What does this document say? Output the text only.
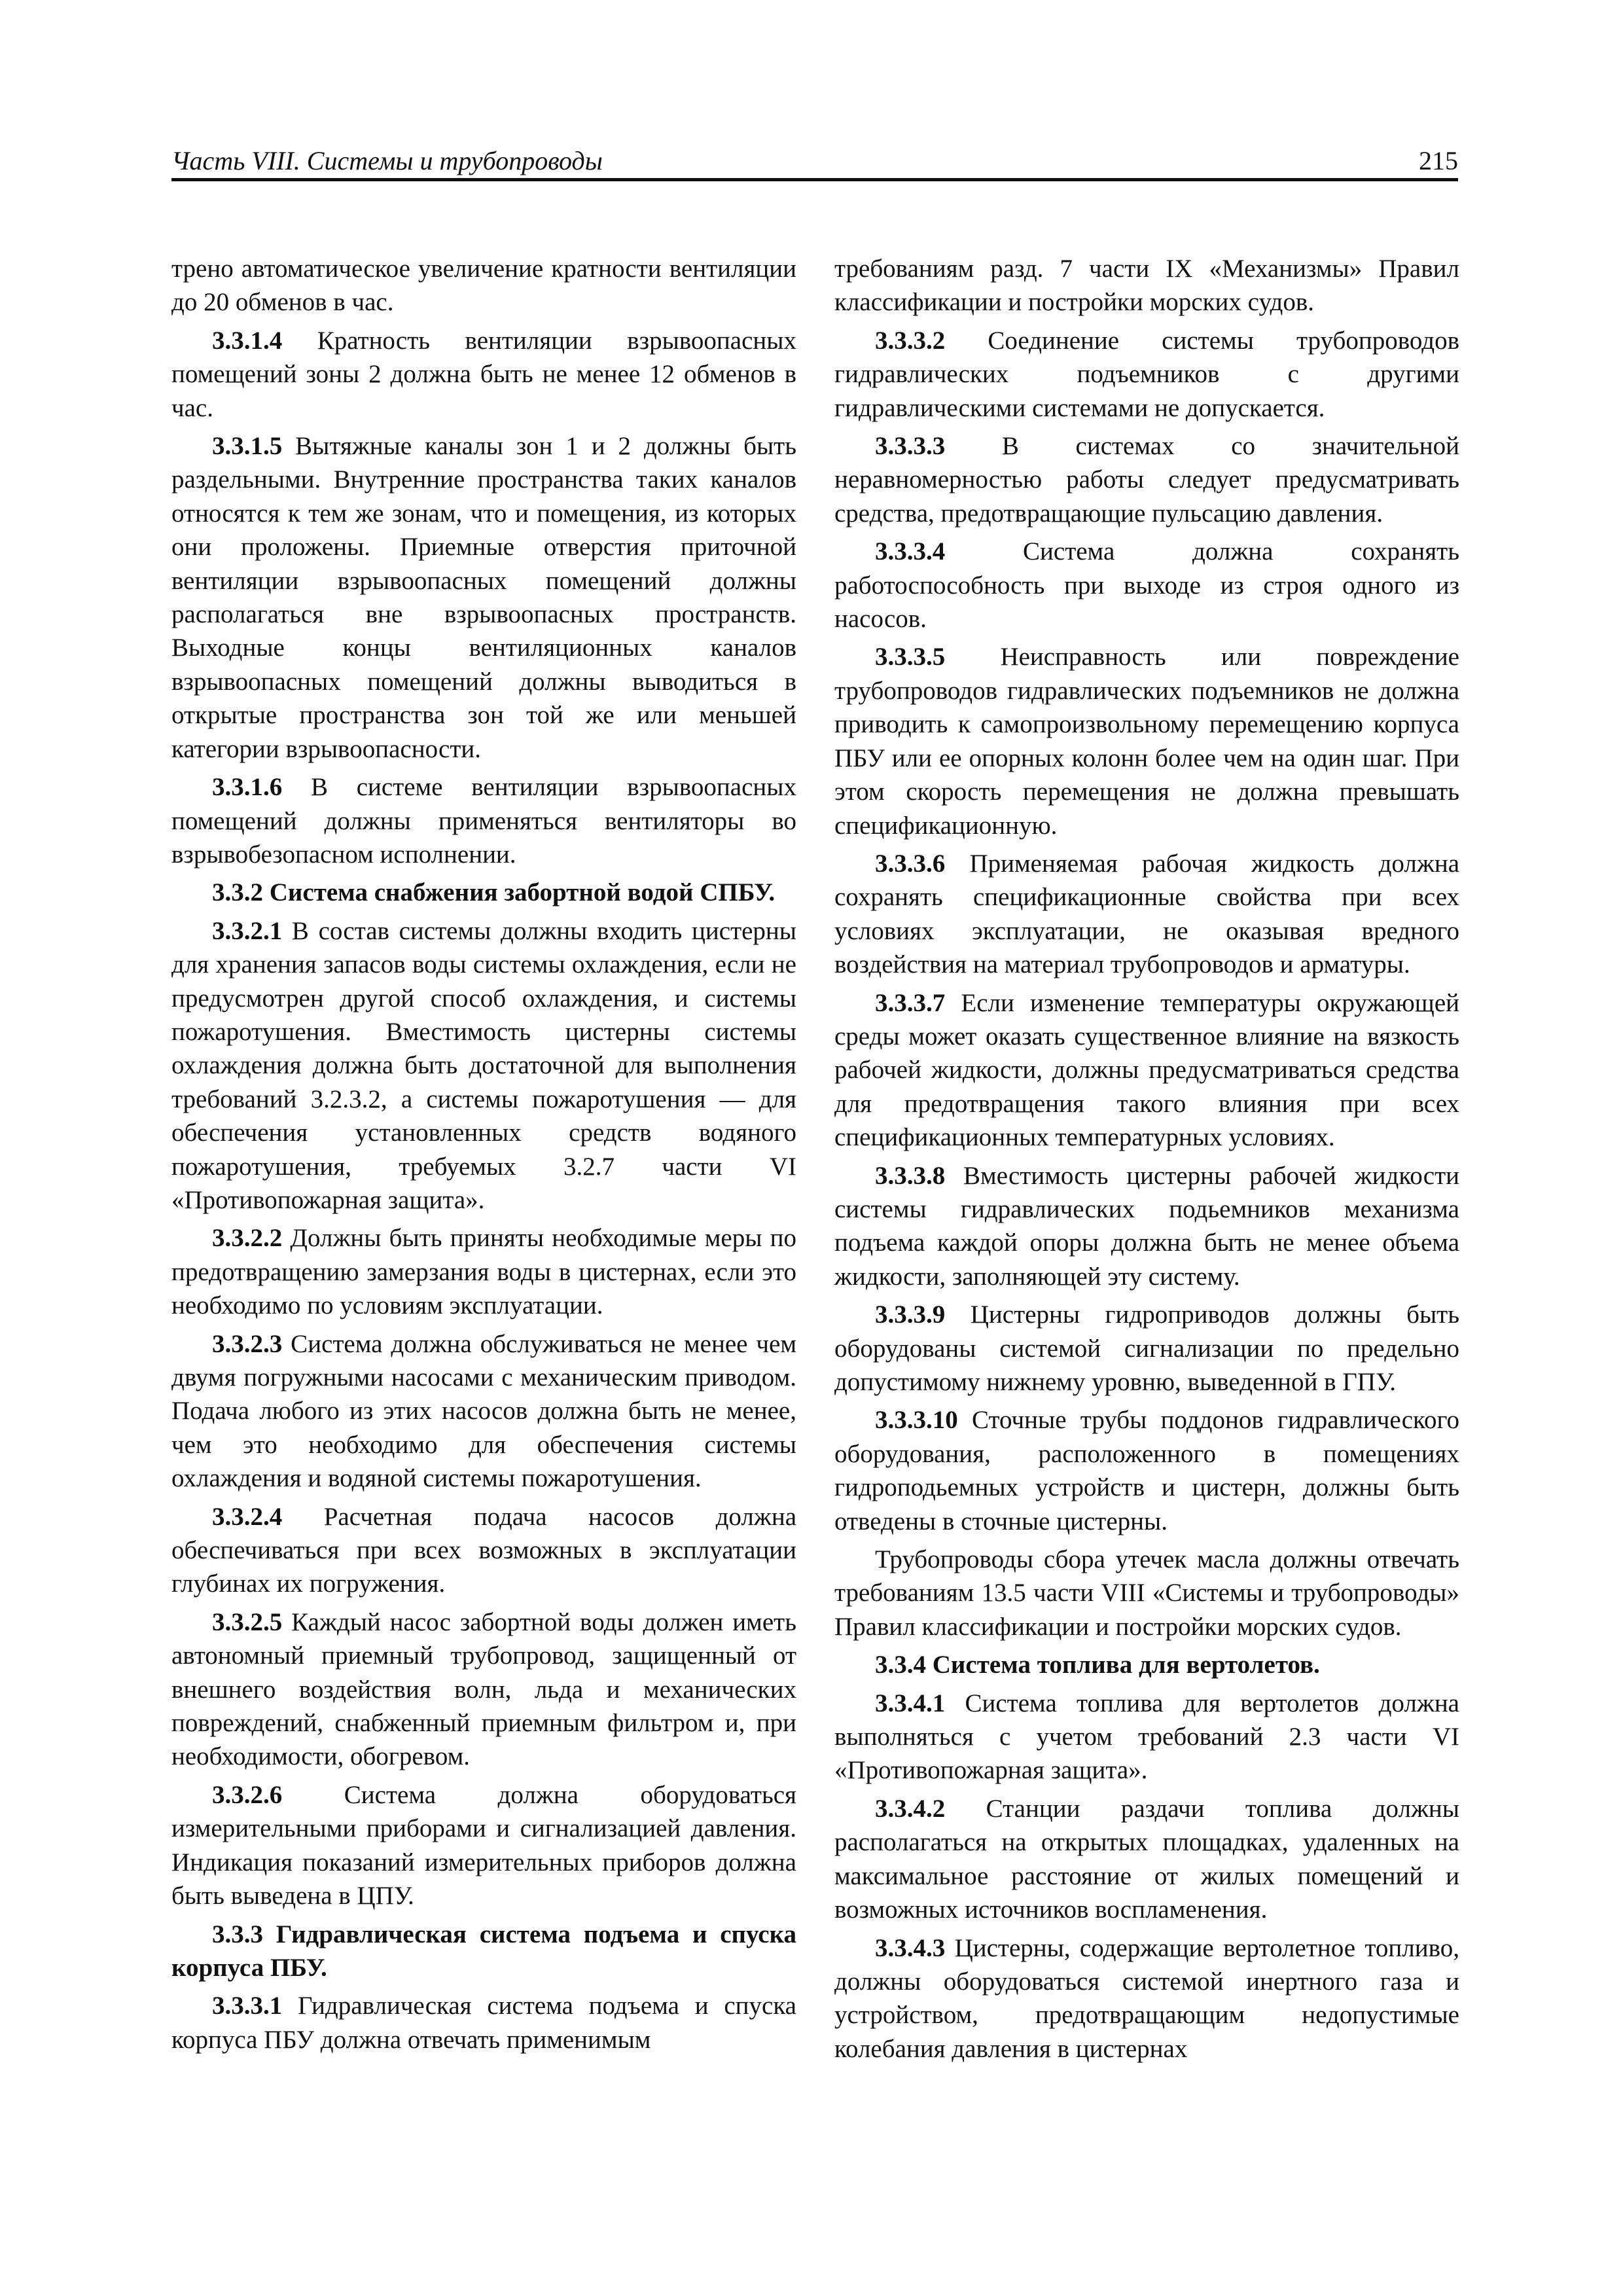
Часть VIII. Системы и трубопроводы	215

трено автоматическое увеличение кратности вентиляции до 20 обменов в час.

3.3.1.4 Кратность вентиляции взрывоопасных помещений зоны 2 должна быть не менее 12 обменов в час.

3.3.1.5 Вытяжные каналы зон 1 и 2 должны быть раздельными. Внутренние пространства таких каналов относятся к тем же зонам, что и помещения, из которых они проложены. Приемные отверстия приточной вентиляции взрывоопасных помещений должны располагаться вне взрывоопасных пространств. Выходные концы вентиляционных каналов взрывоопасных помещений должны выводиться в открытые пространства зон той же или меньшей категории взрывоопасности.

3.3.1.6 В системе вентиляции взрывоопасных помещений должны применяться вентиляторы во взрывобезопасном исполнении.

3.3.2 Система снабжения забортной водой СПБУ.

3.3.2.1 В состав системы должны входить цистерны для хранения запасов воды системы охлаждения, если не предусмотрен другой способ охлаждения, и системы пожаротушения. Вместимость цистерны системы охлаждения должна быть достаточной для выполнения требований 3.2.3.2, а системы пожаротушения — для обеспечения установленных средств водяного пожаротушения, требуемых 3.2.7 части VI «Противопожарная защита».

3.3.2.2 Должны быть приняты необходимые меры по предотвращению замерзания воды в цистернах, если это необходимо по условиям эксплуатации.

3.3.2.3 Система должна обслуживаться не менее чем двумя погружными насосами с механическим приводом. Подача любого из этих насосов должна быть не менее, чем это необходимо для обеспечения системы охлаждения и водяной системы пожаротушения.

3.3.2.4 Расчетная подача насосов должна обеспечиваться при всех возможных в эксплуатации глубинах их погружения.

3.3.2.5 Каждый насос забортной воды должен иметь автономный приемный трубопровод, защищенный от внешнего воздействия волн, льда и механических повреждений, снабженный приемным фильтром и, при необходимости, обогревом.

3.3.2.6 Система должна оборудоваться измерительными приборами и сигнализацией давления. Индикация показаний измерительных приборов должна быть выведена в ЦПУ.

3.3.3 Гидравлическая система подъема и спуска корпуса ПБУ.

3.3.3.1 Гидравлическая система подъема и спуска корпуса ПБУ должна отвечать применимым

требованиям разд. 7 части IX «Механизмы» Правил классификации и постройки морских судов.

3.3.3.2 Соединение системы трубопроводов гидравлических подъемников с другими гидравлическими системами не допускается.

3.3.3.3 В системах со значительной неравномерностью работы следует предусматривать средства, предотвращающие пульсацию давления.

3.3.3.4 Система должна сохранять работоспособность при выходе из строя одного из насосов.

3.3.3.5 Неисправность или повреждение трубопроводов гидравлических подъемников не должна приводить к самопроизвольному перемещению корпуса ПБУ или ее опорных колонн более чем на один шаг. При этом скорость перемещения не должна превышать спецификационную.

3.3.3.6 Применяемая рабочая жидкость должна сохранять спецификационные свойства при всех условиях эксплуатации, не оказывая вредного воздействия на материал трубопроводов и арматуры.

3.3.3.7 Если изменение температуры окружающей среды может оказать существенное влияние на вязкость рабочей жидкости, должны предусматриваться средства для предотвращения такого влияния при всех спецификационных температурных условиях.

3.3.3.8 Вместимость цистерны рабочей жидкости системы гидравлических подьемников механизма подъема каждой опоры должна быть не менее объема жидкости, заполняющей эту систему.

3.3.3.9 Цистерны гидроприводов должны быть оборудованы системой сигнализации по предельно допустимому нижнему уровню, выведенной в ГПУ.

3.3.3.10 Сточные трубы поддонов гидравлического оборудования, расположенного в помещениях гидроподьемных устройств и цистерн, должны быть отведены в сточные цистерны.

Трубопроводы сбора утечек масла должны отвечать требованиям 13.5 части VIII «Системы и трубопроводы» Правил классификации и постройки морских судов.

3.3.4 Система топлива для вертолетов.

3.3.4.1 Система топлива для вертолетов должна выполняться с учетом требований 2.3 части VI «Противопожарная защита».

3.3.4.2 Станции раздачи топлива должны располагаться на открытых площадках, удаленных на максимальное расстояние от жилых помещений и возможных источников воспламенения.

3.3.4.3 Цистерны, содержащие вертолетное топливо, должны оборудоваться системой инертного газа и устройством, предотвращающим недопустимые колебания давления в цистернах
